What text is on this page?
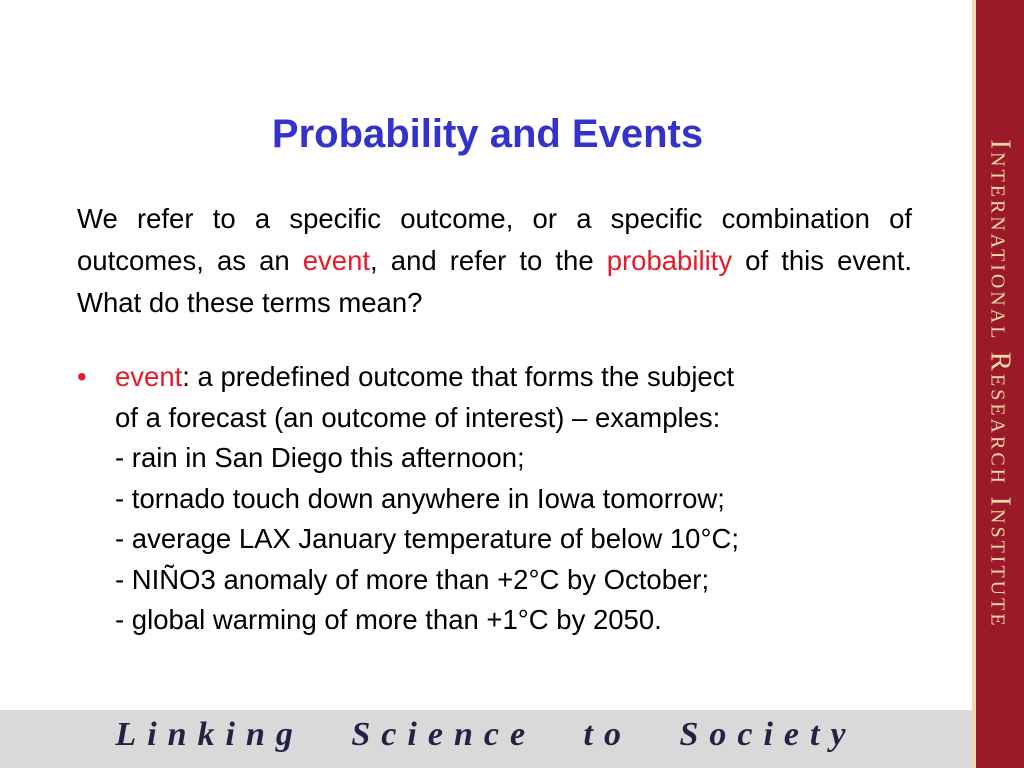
Probability and Events

We refer to a specific outcome, or a specific combination of outcomes, as an event, and refer to the probability of this event. What do these terms mean?

•	event: a predefined outcome that forms the subject
of a forecast (an outcome of interest) – examples:
- rain in San Diego this afternoon;
- tornado touch down anywhere in Iowa tomorrow;
- average LAX January temperature of below 10°C;
- NIÑO3 anomaly of more than +2°C by October;
- global warming of more than +1°C by 2050.	International Research Institute
Linking Science to Society
